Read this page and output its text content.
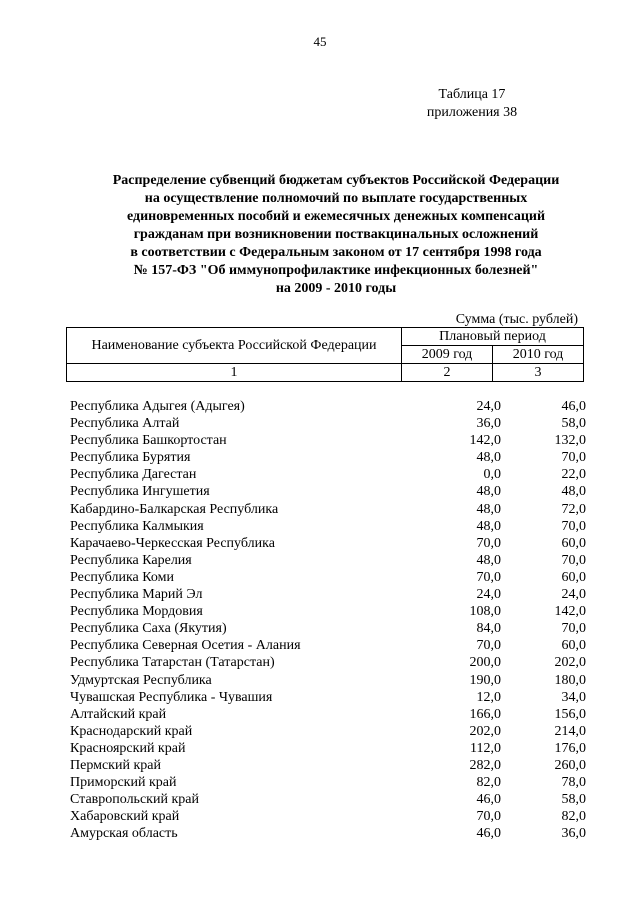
45
Таблица 17
приложения 38
Распределение субвенций бюджетам субъектов Российской Федерации
на осуществление полномочий по выплате государственных
единовременных пособий и ежемесячных денежных компенсаций
гражданам при возникновении поствакцинальных осложнений
в соответствии с Федеральным законом от 17 сентября 1998 года
№ 157-ФЗ "Об иммунопрофилактике инфекционных болезней"
на 2009 - 2010 годы
Сумма (тыс. рублей)
Наименование субъекта Российской Федерации	Плановый период	
	2009 год	2010 год
1	2	3
Республика Адыгея (Адыгея)	24,0	46,0
Республика Алтай	36,0	58,0
Республика Башкортостан	142,0	132,0
Республика Бурятия	48,0	70,0
Республика Дагестан	0,0	22,0
Республика Ингушетия	48,0	48,0
Кабардино-Балкарская Республика	48,0	72,0
Республика Калмыкия	48,0	70,0
Карачаево-Черкесская Республика	70,0	60,0
Республика Карелия	48,0	70,0
Республика Коми	70,0	60,0
Республика Марий Эл	24,0	24,0
Республика Мордовия	108,0	142,0
Республика Саха (Якутия)	84,0	70,0
Республика Северная Осетия - Алания	70,0	60,0
Республика Татарстан (Татарстан)	200,0	202,0
Удмуртская Республика	190,0	180,0
Чувашская Республика - Чувашия	12,0	34,0
Алтайский край	166,0	156,0
Краснодарский край	202,0	214,0
Красноярский край	112,0	176,0
Пермский край	282,0	260,0
Приморский край	82,0	78,0
Ставропольский край	46,0	58,0
Хабаровский край	70,0	82,0
Амурская область	46,0	36,0
